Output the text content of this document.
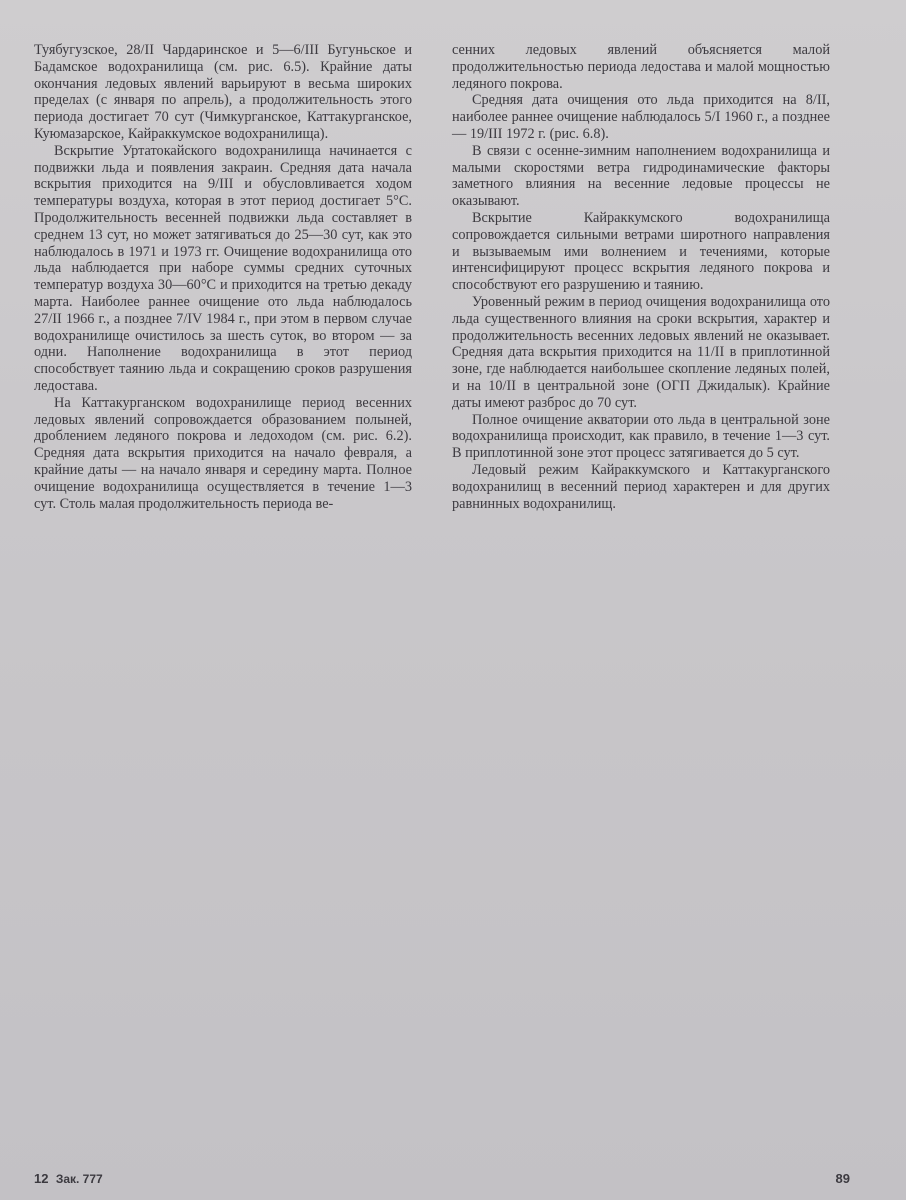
Туябугузское, 28/II Чардаринское и 5—6/III Бугуньское и Бадамское водохранилища (см. рис. 6.5). Крайние даты окончания ледовых явлений варьируют в весьма широких пределах (с января по апрель), а продолжительность этого периода достигает 70 сут (Чимкурганское, Каттакурганское, Куюмазарское, Кайраккумское водохранилища).

Вскрытие Уртатокайского водохранилища начинается с подвижки льда и появления закраин. Средняя дата начала вскрытия приходится на 9/III и обусловливается ходом температуры воздуха, которая в этот период достигает 5°С. Продолжительность весенней подвижки льда составляет в среднем 13 сут, но может затягиваться до 25—30 сут, как это наблюдалось в 1971 и 1973 гг. Очищение водохранилища ото льда наблюдается при наборе суммы средних суточных температур воздуха 30—60°С и приходится на третью декаду марта. Наиболее раннее очищение ото льда наблюдалось 27/II 1966 г., а позднее 7/IV 1984 г., при этом в первом случае водохранилище очистилось за шесть суток, во втором — за одни. Наполнение водохранилища в этот период способствует таянию льда и сокращению сроков разрушения ледостава.

На Каттакурганском водохранилище период весенних ледовых явлений сопровождается образованием полыней, дроблением ледяного покрова и ледоходом (см. рис. 6.2). Средняя дата вскрытия приходится на начало февраля, а крайние даты — на начало января и середину марта. Полное очищение водохранилища осуществляется в течение 1—3 сут. Столь малая продолжительность периода ве-

сенних ледовых явлений объясняется малой продолжительностью периода ледостава и малой мощностью ледяного покрова.

Средняя дата очищения ото льда приходится на 8/II, наиболее раннее очищение наблюдалось 5/I 1960 г., а позднее — 19/III 1972 г. (рис. 6.8).

В связи с осенне-зимним наполнением водохранилища и малыми скоростями ветра гидродинамические факторы заметного влияния на весенние ледовые процессы не оказывают.

Вскрытие Кайраккумского водохранилища сопровождается сильными ветрами широтного направления и вызываемым ими волнением и течениями, которые интенсифицируют процесс вскрытия ледяного покрова и способствуют его разрушению и таянию.

Уровенный режим в период очищения водохранилища ото льда существенного влияния на сроки вскрытия, характер и продолжительность весенних ледовых явлений не оказывает. Средняя дата вскрытия приходится на 11/II в приплотинной зоне, где наблюдается наибольшее скопление ледяных полей, и на 10/II в центральной зоне (ОГП Джидалык). Крайние даты имеют разброс до 70 сут.

Полное очищение акватории ото льда в центральной зоне водохранилища происходит, как правило, в течение 1—3 сут. В приплотинной зоне этот процесс затягивается до 5 сут.

Ледовый режим Кайраккумского и Каттакурганского водохранилищ в весенний период характерен и для других равнинных водохранилищ.

12 Зак. 777	89
